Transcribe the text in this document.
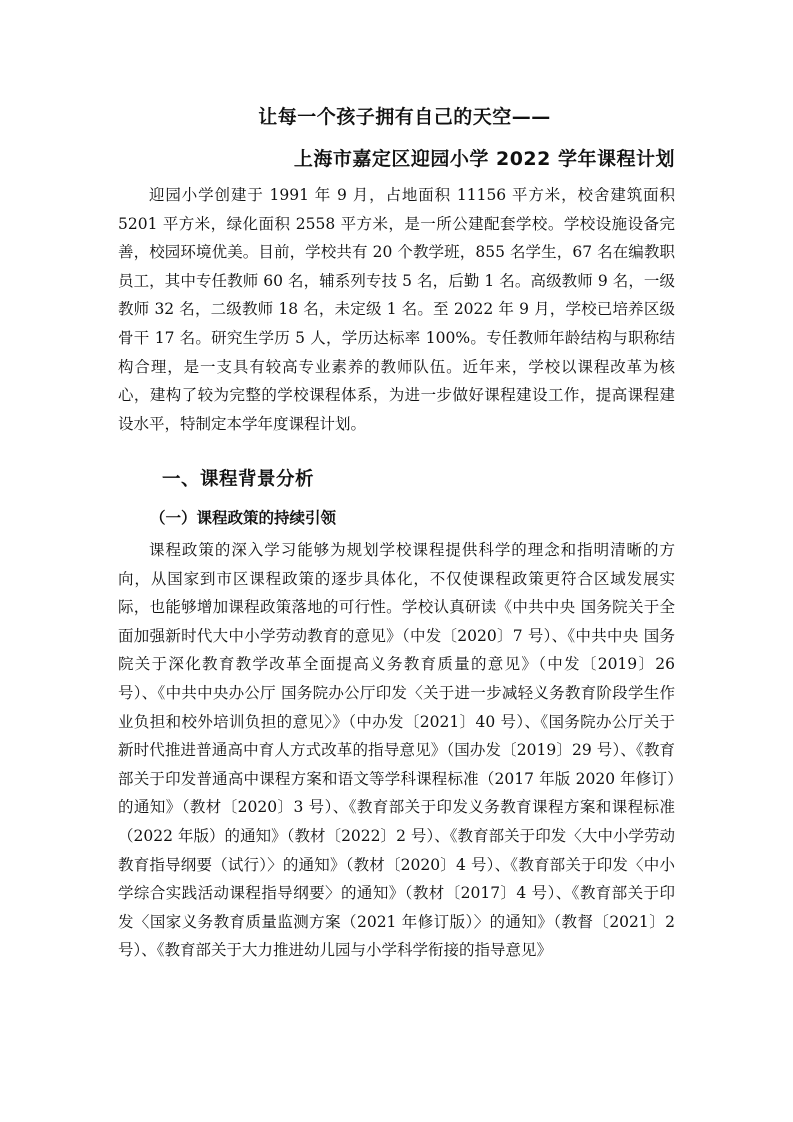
让每一个孩子拥有自己的天空——
上海市嘉定区迎园小学 2022 学年课程计划

迎园小学创建于 1991 年 9 月，占地面积 11156 平方米，校舍建筑面积 5201 平方米，绿化面积 2558 平方米，是一所公建配套学校。学校设施设备完善，校园环境优美。目前，学校共有 20 个教学班，855 名学生，67 名在编教职员工，其中专任教师 60 名，辅系列专技 5 名，后勤 1 名。高级教师 9 名，一级教师 32 名，二级教师 18 名，未定级 1 名。至 2022 年 9 月，学校已培养区级骨干 17 名。研究生学历 5 人，学历达标率 100%。专任教师年龄结构与职称结构合理，是一支具有较高专业素养的教师队伍。近年来，学校以课程改革为核心，建构了较为完整的学校课程体系，为进一步做好课程建设工作，提高课程建设水平，特制定本学年度课程计划。

一、课程背景分析
（一）课程政策的持续引领

课程政策的深入学习能够为规划学校课程提供科学的理念和指明清晰的方向，从国家到市区课程政策的逐步具体化，不仅使课程政策更符合区域发展实际，也能够增加课程政策落地的可行性。学校认真研读《中共中央 国务院关于全面加强新时代大中小学劳动教育的意见》（中发〔2020〕7 号）、《中共中央 国务院关于深化教育教学改革全面提高义务教育质量的意见》（中发〔2019〕26 号）、《中共中央办公厅 国务院办公厅印发〈关于进一步减轻义务教育阶段学生作业负担和校外培训负担的意见〉》（中办发〔2021〕40 号）、《国务院办公厅关于新时代推进普通高中育人方式改革的指导意见》（国办发〔2019〕29 号）、《教育部关于印发普通高中课程方案和语文等学科课程标准（2017 年版 2020 年修订）的通知》（教材〔2020〕3 号）、《教育部关于印发义务教育课程方案和课程标准（2022 年版）的通知》（教材〔2022〕2 号）、《教育部关于印发〈大中小学劳动教育指导纲要（试行）〉的通知》（教材〔2020〕4 号）、《教育部关于印发〈中小学综合实践活动课程指导纲要〉的通知》（教材〔2017〕4 号）、《教育部关于印发〈国家义务教育质量监测方案（2021 年修订版）〉的通知》（教督〔2021〕2 号）、《教育部关于大力推进幼儿园与小学科学衔接的指导意见》
